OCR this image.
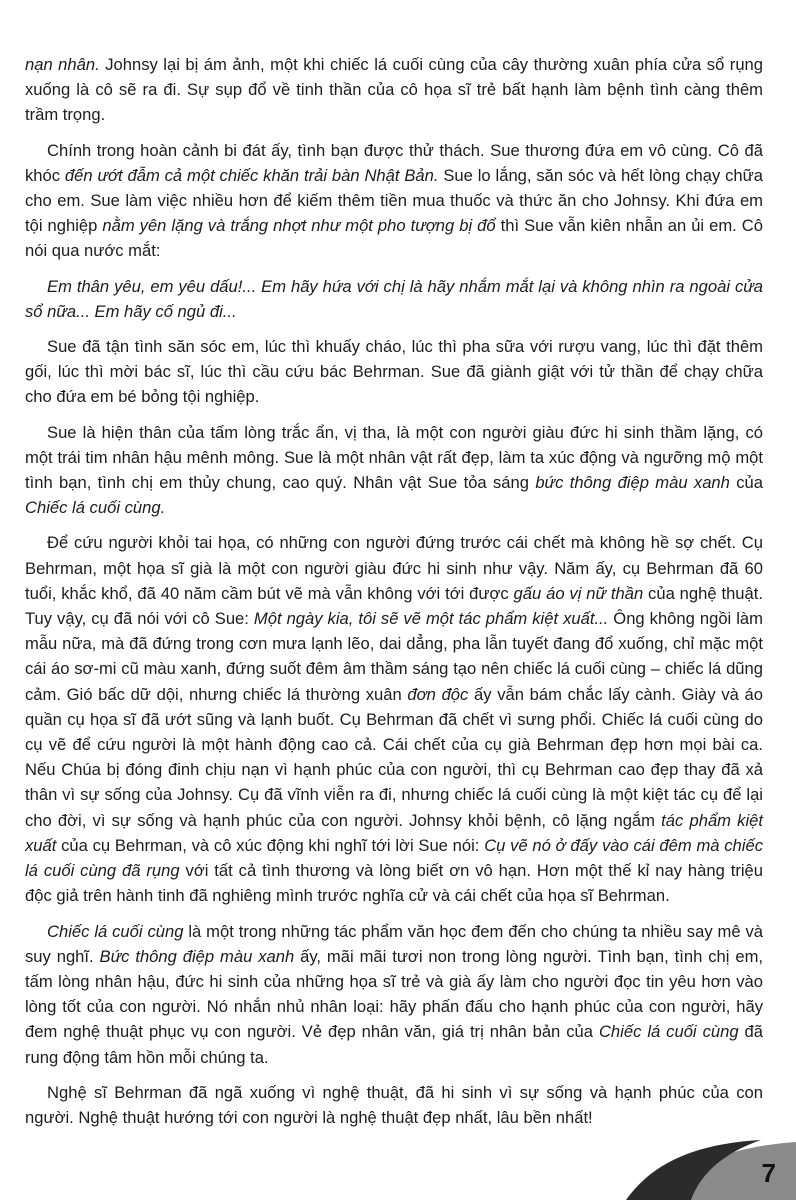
nạn nhân. Johnsy lại bị ám ảnh, một khi chiếc lá cuối cùng của cây thường xuân phía cửa sổ rụng xuống là cô sẽ ra đi. Sự sụp đổ về tinh thần của cô họa sĩ trẻ bất hạnh làm bệnh tình càng thêm trầm trọng.

Chính trong hoàn cảnh bi đát ấy, tình bạn được thử thách. Sue thương đứa em vô cùng. Cô đã khóc đến ướt đẫm cả một chiếc khăn trải bàn Nhật Bản. Sue lo lắng, săn sóc và hết lòng chạy chữa cho em. Sue làm việc nhiều hơn để kiếm thêm tiền mua thuốc và thức ăn cho Johnsy. Khi đứa em tội nghiệp nằm yên lặng và trắng nhợt như một pho tượng bị đổ thì Sue vẫn kiên nhẫn an ủi em. Cô nói qua nước mắt:

Em thân yêu, em yêu dấu!... Em hãy hứa với chị là hãy nhắm mắt lại và không nhìn ra ngoài cửa sổ nữa... Em hãy cố ngủ đi...

Sue đã tận tình săn sóc em, lúc thì khuấy cháo, lúc thì pha sữa với rượu vang, lúc thì đặt thêm gối, lúc thì mời bác sĩ, lúc thì cầu cứu bác Behrman. Sue đã giành giật với tử thần để chạy chữa cho đứa em bé bỏng tội nghiệp.

Sue là hiện thân của tấm lòng trắc ẩn, vị tha, là một con người giàu đức hi sinh thầm lặng, có một trái tim nhân hậu mênh mông. Sue là một nhân vật rất đẹp, làm ta xúc động và ngưỡng mộ một tình bạn, tình chị em thủy chung, cao quý. Nhân vật Sue tỏa sáng bức thông điệp màu xanh của Chiếc lá cuối cùng.

Để cứu người khỏi tai họa, có những con người đứng trước cái chết mà không hề sợ chết. Cụ Behrman, một họa sĩ già là một con người giàu đức hi sinh như vậy. Năm ấy, cụ Behrman đã 60 tuổi, khắc khổ, đã 40 năm cầm bút vẽ mà vẫn không với tới được gấu áo vị nữ thần của nghệ thuật. Tuy vậy, cụ đã nói với cô Sue: Một ngày kia, tôi sẽ vẽ một tác phẩm kiệt xuất... Ông không ngồi làm mẫu nữa, mà đã đứng trong cơn mưa lạnh lẽo, dai dẳng, pha lẫn tuyết đang đổ xuống, chỉ mặc một cái áo sơ-mi cũ màu xanh, đứng suốt đêm âm thầm sáng tạo nên chiếc lá cuối cùng – chiếc lá dũng cảm. Gió bấc dữ dội, nhưng chiếc lá thường xuân đơn độc ấy vẫn bám chắc lấy cành. Giày và áo quần cụ họa sĩ đã ướt sũng và lạnh buốt. Cụ Behrman đã chết vì sưng phổi. Chiếc lá cuối cùng do cụ vẽ để cứu người là một hành động cao cả. Cái chết của cụ già Behrman đẹp hơn mọi bài ca. Nếu Chúa bị đóng đinh chịu nạn vì hạnh phúc của con người, thì cụ Behrman cao đẹp thay đã xả thân vì sự sống của Johnsy. Cụ đã vĩnh viễn ra đi, nhưng chiếc lá cuối cùng là một kiệt tác cụ để lại cho đời, vì sự sống và hạnh phúc của con người. Johnsy khỏi bệnh, cô lặng ngắm tác phẩm kiệt xuất của cụ Behrman, và cô xúc động khi nghĩ tới lời Sue nói: Cụ vẽ nó ở đấy vào cái đêm mà chiếc lá cuối cùng đã rụng với tất cả tình thương và lòng biết ơn vô hạn. Hơn một thế kỉ nay hàng triệu độc giả trên hành tinh đã nghiêng mình trước nghĩa cử và cái chết của họa sĩ Behrman.

Chiếc lá cuối cùng là một trong những tác phẩm văn học đem đến cho chúng ta nhiều say mê và suy nghĩ. Bức thông điệp màu xanh ấy, mãi mãi tươi non trong lòng người. Tình bạn, tình chị em, tấm lòng nhân hậu, đức hi sinh của những họa sĩ trẻ và già ấy làm cho người đọc tin yêu hơn vào lòng tốt của con người. Nó nhắn nhủ nhân loại: hãy phấn đấu cho hạnh phúc của con người, hãy đem nghệ thuật phục vụ con người. Vẻ đẹp nhân văn, giá trị nhân bản của Chiếc lá cuối cùng đã rung động tâm hồn mỗi chúng ta.

Nghệ sĩ Behrman đã ngã xuống vì nghệ thuật, đã hi sinh vì sự sống và hạnh phúc của con người. Nghệ thuật hướng tới con người là nghệ thuật đẹp nhất, lâu bền nhất!

7
